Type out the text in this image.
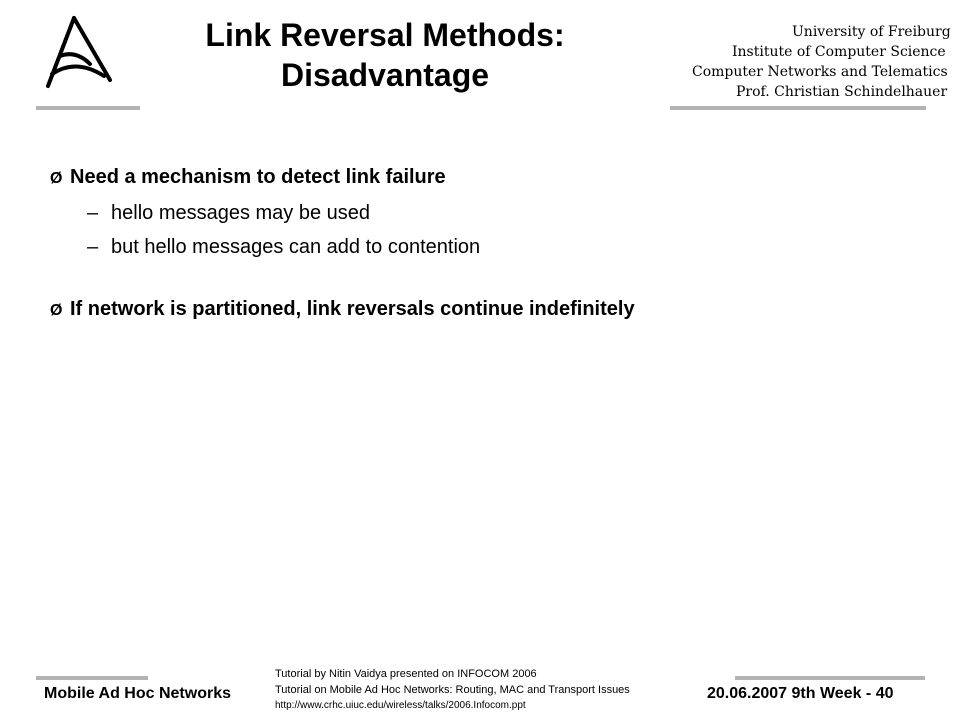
Link Reversal Methods:
Disadvantage
University of Freiburg
Institute of Computer Science
Computer Networks and Telematics
Prof. Christian Schindelhauer
Ø Need a mechanism to detect link failure
– hello messages may be used
– but hello messages can add to contention
Ø If network is partitioned, link reversals continue indefinitely
Mobile Ad Hoc Networks
Tutorial by Nitin Vaidya presented on INFOCOM 2006
Tutorial on Mobile Ad Hoc Networks: Routing, MAC and Transport Issues
http://www.crhc.uiuc.edu/wireless/talks/2006.Infocom.ppt
20.06.2007 9th Week - 40
